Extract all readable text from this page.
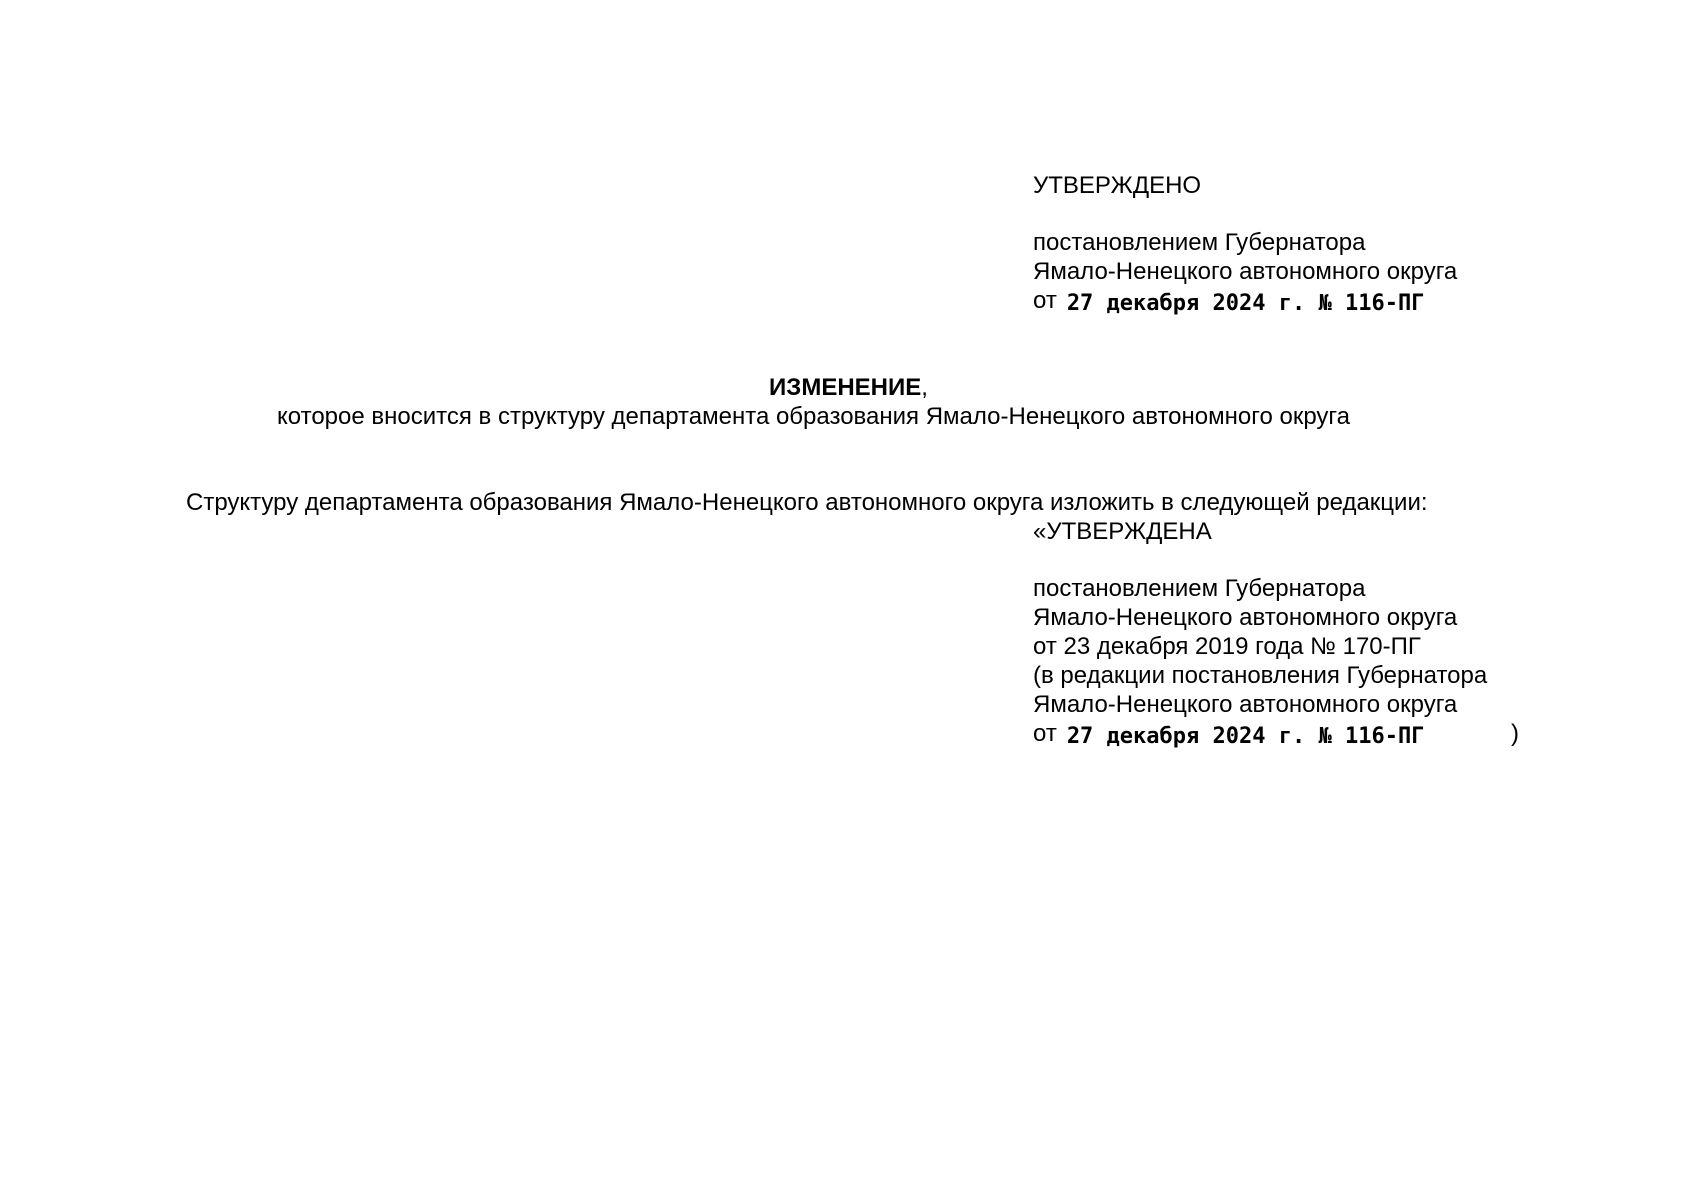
УТВЕРЖДЕНО
постановлением Губернатора
Ямало-Ненецкого автономного округа
от 27 декабря 2024 г. № 116-ПГ
ИЗМЕНЕНИЕ,
которое вносится в структуру департамента образования Ямало-Ненецкого автономного округа
Структуру департамента образования Ямало-Ненецкого автономного округа изложить в следующей редакции:
«УТВЕРЖДЕНА
постановлением Губернатора
Ямало-Ненецкого автономного округа
от 23 декабря 2019 года № 170-ПГ
(в редакции постановления Губернатора
Ямало-Ненецкого автономного округа
от 27 декабря 2024 г. № 116-ПГ	)
